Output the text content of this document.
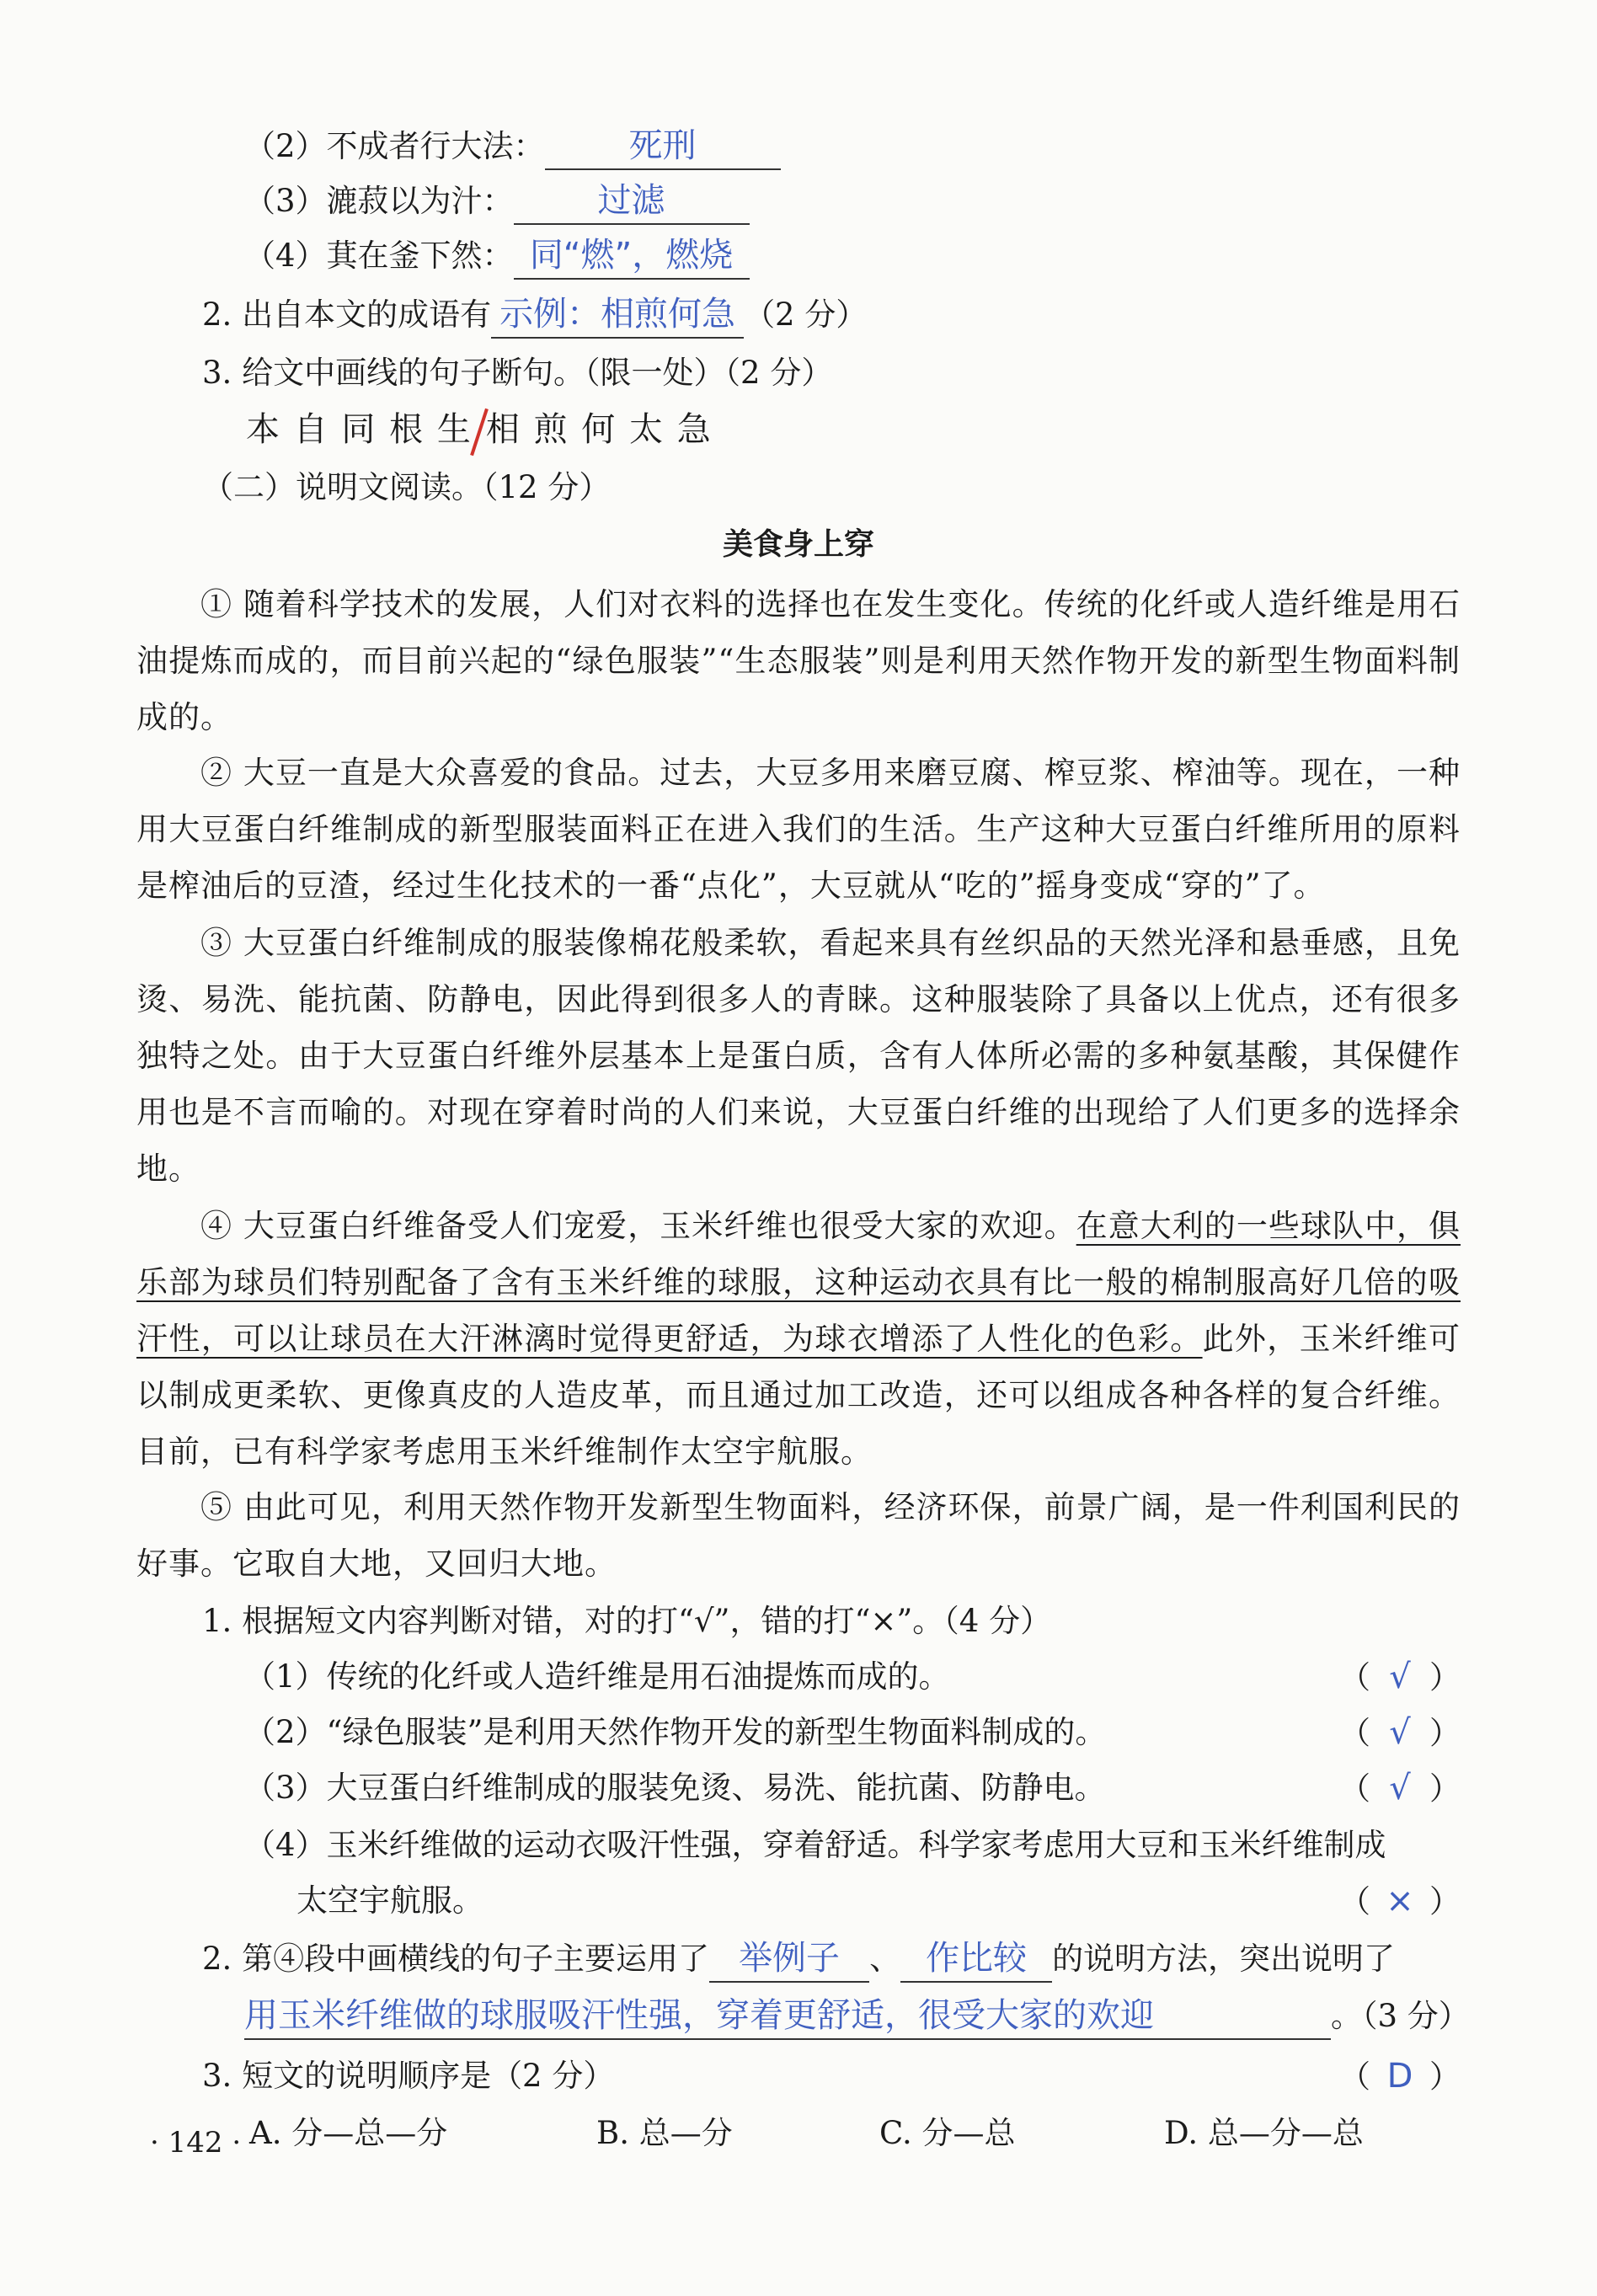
（2）不成者行大法：	死刑
（3）漉菽以为汁：	过滤
（4）萁在釜下然： 同“燃”，燃烧
2. 出自本文的成语有 示例：相煎何急 （2 分）
3. 给文中画线的句子断句。（限一处）（2 分）
本 自 同 根 生 相 煎 何 太 急
（二）说明文阅读。（12 分）
美食身上穿
① 随着科学技术的发展，人们对衣料的选择也在发生变化。传统的化纤或人造纤维是用石油提炼而成的，而目前兴起的“绿色服装”“生态服装”则是利用天然作物开发的新型生物面料制成的。
② 大豆一直是大众喜爱的食品。过去，大豆多用来磨豆腐、榨豆浆、榨油等。现在，一种用大豆蛋白纤维制成的新型服装面料正在进入我们的生活。生产这种大豆蛋白纤维所用的原料是榨油后的豆渣，经过生化技术的一番“点化”，大豆就从“吃的”摇身变成“穿的”了。
③ 大豆蛋白纤维制成的服装像棉花般柔软，看起来具有丝织品的天然光泽和悬垂感，且免烫、易洗、能抗菌、防静电，因此得到很多人的青睐。这种服装除了具备以上优点，还有很多独特之处。由于大豆蛋白纤维外层基本上是蛋白质，含有人体所必需的多种氨基酸，其保健作用也是不言而喻的。对现在穿着时尚的人们来说，大豆蛋白纤维的出现给了人们更多的选择余地。
④ 大豆蛋白纤维备受人们宠爱，玉米纤维也很受大家的欢迎。在意大利的一些球队中，俱乐部为球员们特别配备了含有玉米纤维的球服，这种运动衣具有比一般的棉制服高好几倍的吸汗性，可以让球员在大汗淋漓时觉得更舒适，为球衣增添了人性化的色彩。此外，玉米纤维可以制成更柔软、更像真皮的人造皮革，而且通过加工改造，还可以组成各种各样的复合纤维。目前，已有科学家考虑用玉米纤维制作太空宇航服。
⑤ 由此可见，利用天然作物开发新型生物面料，经济环保，前景广阔，是一件利国利民的好事。它取自大地，又回归大地。
1. 根据短文内容判断对错，对的打“√”，错的打“×”。（4 分）
（1）传统的化纤或人造纤维是用石油提炼而成的。	（ √ ）
（2）“绿色服装”是利用天然作物开发的新型生物面料制成的。	（ √ ）
（3）大豆蛋白纤维制成的服装免烫、易洗、能抗菌、防静电。	（ √ ）
（4）玉米纤维做的运动衣吸汗性强，穿着舒适。科学家考虑用大豆和玉米纤维制成
太空宇航服。	（ × ）
2. 第④段中画横线的句子主要运用了 举例子 、 作比较 的说明方法，突出说明了
用玉米纤维做的球服吸汗性强，穿着更舒适，很受大家的欢迎	。（3 分）
3. 短文的说明顺序是（2 分）	（ D ）
A. 分—总—分	B. 总—分	C. 分—总	D. 总—分—总
· 142 ·
